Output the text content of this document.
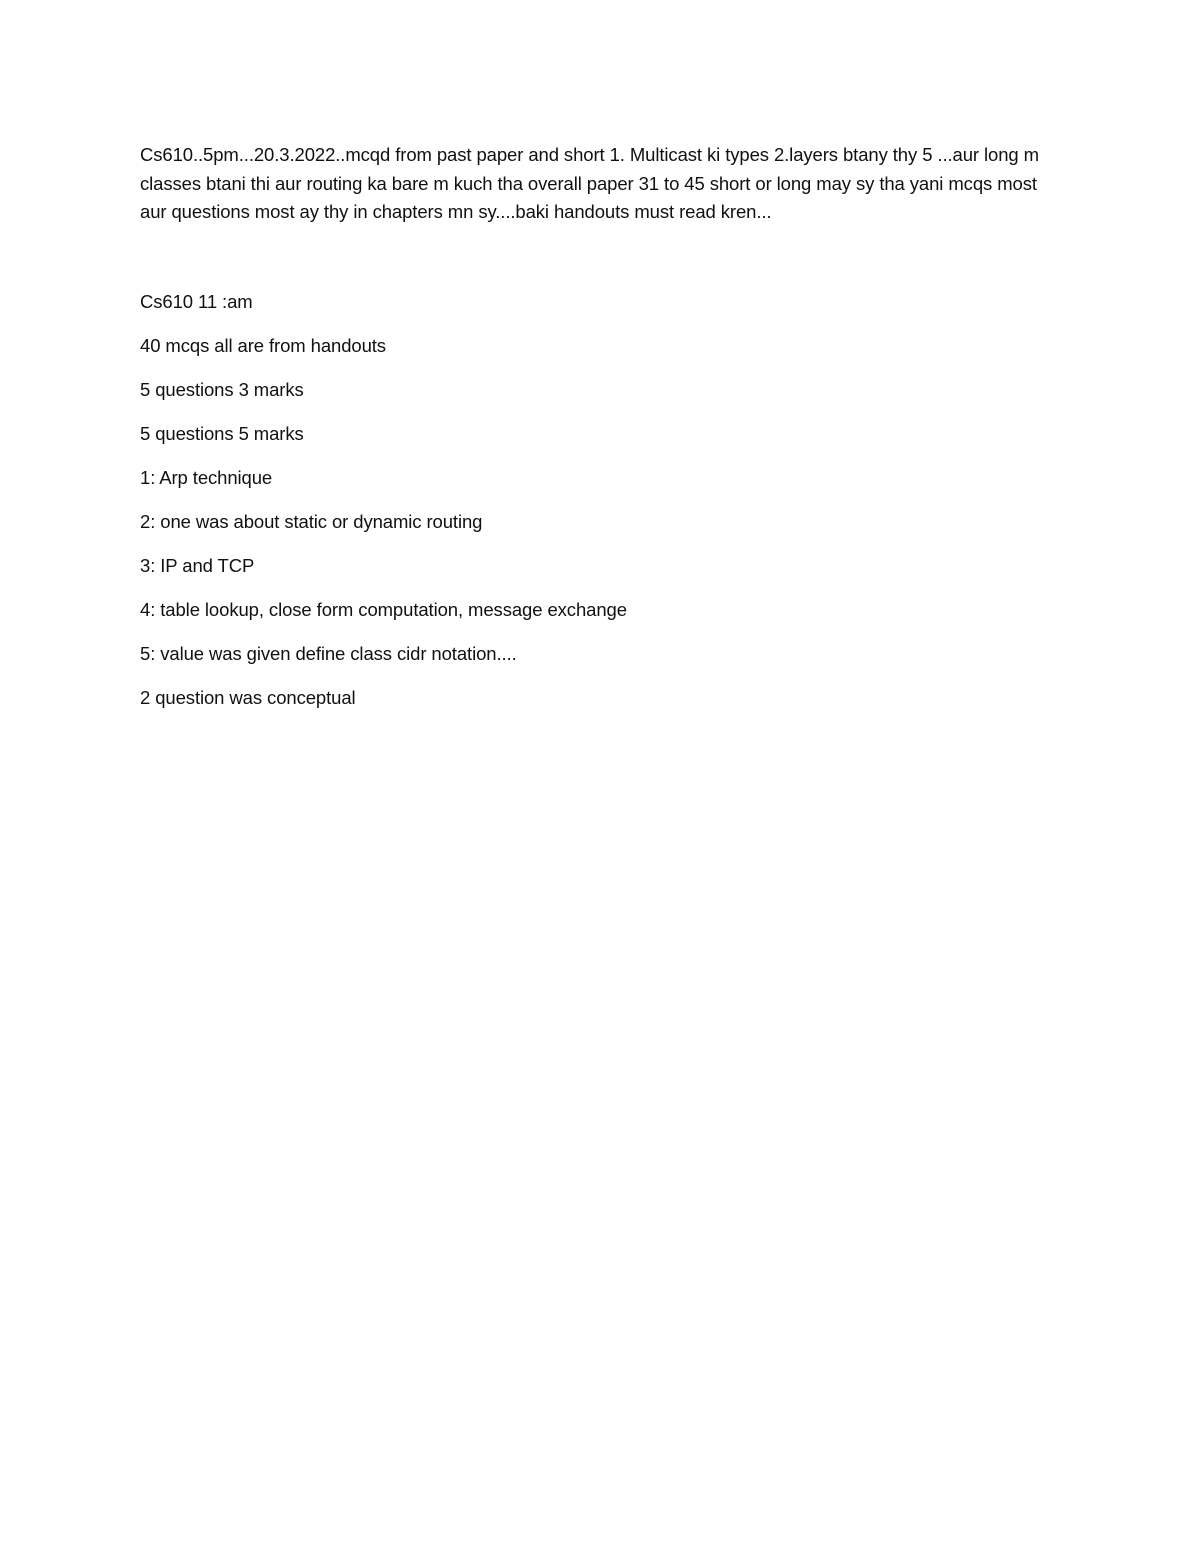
Cs610..5pm...20.3.2022..mcqd from past paper and short 1. Multicast ki types 2.layers btany thy 5 ...aur long m classes btani thi aur routing ka bare m kuch tha overall paper 31 to 45 short or long may sy tha yani mcqs most aur questions most ay thy in chapters mn sy....baki handouts must read kren...

Cs610 11 :am

40 mcqs all are from handouts

5 questions 3 marks

5 questions 5 marks

1: Arp technique

2: one was about static or dynamic routing

3: IP and TCP

4: table lookup, close form computation, message exchange

5: value was given define class cidr notation....

2 question was conceptual
